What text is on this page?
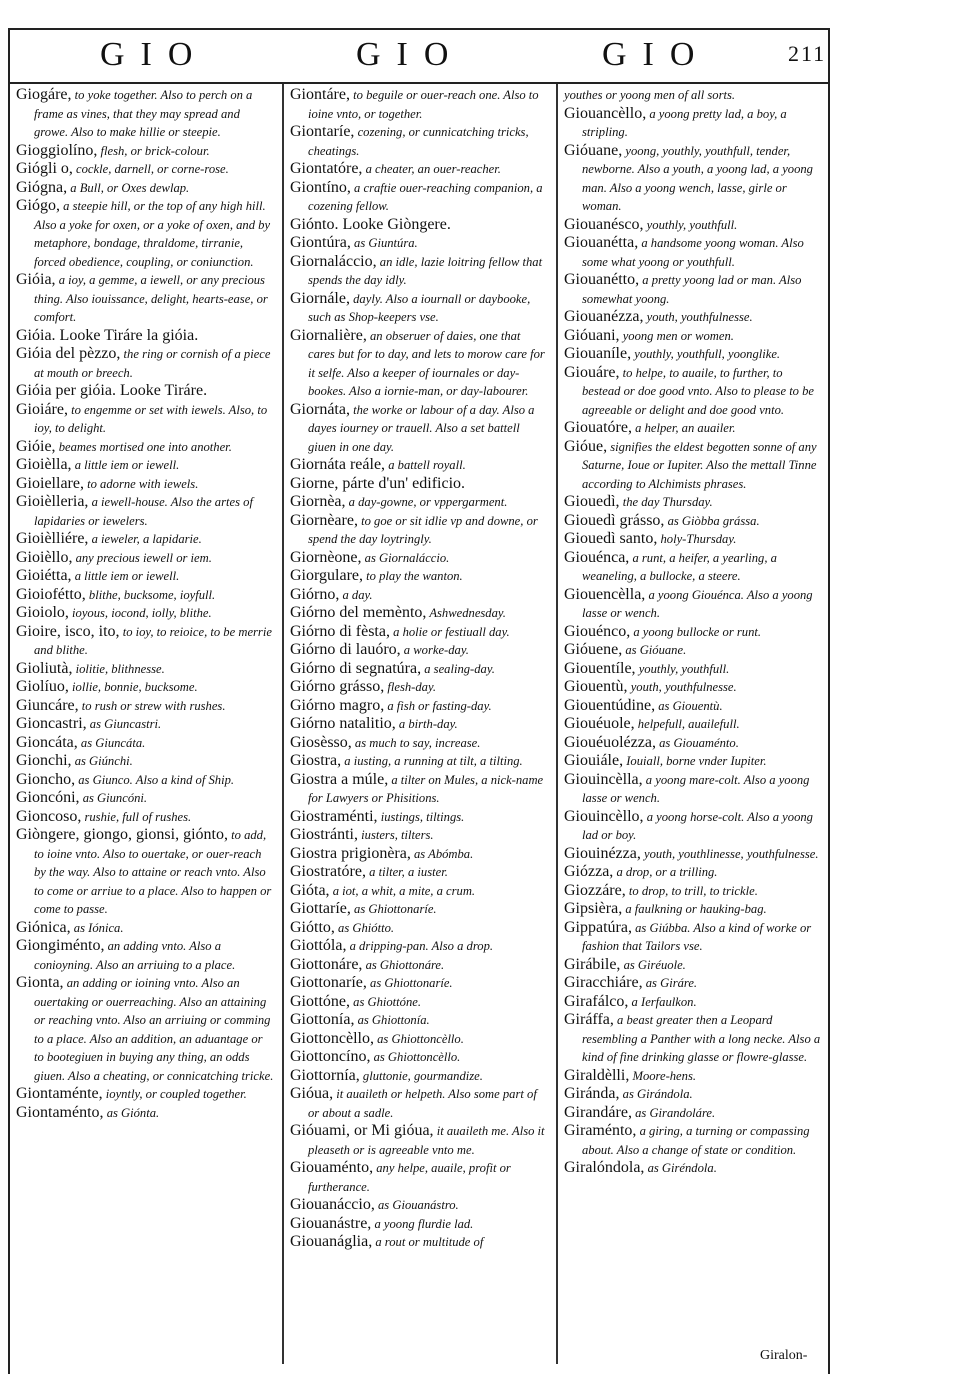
GIO	GIO	GIO	211

Giogáre, to yoke together. Also to perch on a frame as vines, that they may spread and growe. Also to make hillie or steepie.

Gioggiolíno, flesh, or brick-colour.

Giógli o, cockle, darnell, or corne-rose.

Giógna, a Bull, or Oxes dewlap.

Giógo, a steepie hill, or the top of any high hill. Also a yoke for oxen, or a yoke of oxen, and by metaphore, bondage, thraldome, tirranie, forced obedience, coupling, or coniunction.

Gióia, a ioy, a gemme, a iewell, or any precious thing. Also iouissance, delight, hearts-ease, or comfort.

Gióia. Looke Tiráre la gióia.

Gióia del pèzzo, the ring or cornish of a piece at mouth or breech.

Gióia per gióia. Looke Tiráre.

Gioiáre, to engemme or set with iewels. Also, to ioy, to delight.

Gióie, beames mortised one into another.

Gioièlla, a little iem or iewell.

Gioiellare, to adorne with iewels.

Gioièlleria, a iewell-house. Also the artes of lapidaries or iewelers.

Gioièlliére, a ieweler, a lapidarie.

Gioièllo, any precious iewell or iem.

Gioiétta, a little iem or iewell.

Gioiofétto, blithe, bucksome, ioyfull.

Gioiolo, ioyous, iocond, iolly, blithe.

Gioire, isco, ito, to ioy, to reioice, to be merrie and blithe.

Gioliutà, iolitie, blithnesse.

Giolíuo, iollie, bonnie, bucksome.

Giuncáre, to rush or strew with rushes.

Gioncastri, as Giuncastri.

Gioncáta, as Giuncáta.

Gionchi, as Giúnchi.

Gioncho, as Giunco. Also a kind of Ship.

Gioncóni, as Giuncóni.

Gioncoso, rushie, full of rushes.

Giòngere, giongo, gionsi, giónto, to add, to ioine vnto. Also to ouertake, or ouer-reach by the way. Also to attaine or reach vnto. Also to come or arriue to a place. Also to happen or come to passe.

Giónica, as Iónica.

Giongiménto, an adding vnto. Also a conioyning. Also an arriuing to a place.

Gionta, an adding or ioining vnto. Also an ouertaking or ouerreaching. Also an attaining or reaching vnto. Also an arriuing or comming to a place. Also an addition, an aduantage or to bootegiuen in buying any thing, an odds giuen. Also a cheating, or connicatching tricke.

Giontaménte, ioyntly, or coupled together.

Giontaménto, as Giónta.

Giontáre, to beguile or ouer-reach one. Also to ioine vnto, or together.

Giontaríe, cozening, or cunnicatching tricks, cheatings.

Giontatóre, a cheater, an ouer-reacher.

Giontíno, a craftie ouer-reaching companion, a cozening fellow.

Giónto. Looke Giòngere.

Giontúra, as Giuntúra.

Giornaláccio, an idle, lazie loitring fellow that spends the day idly.

Giornále, dayly. Also a iournall or daybooke, such as Shop-keepers vse.

Giornalière, an obseruer of daies, one that cares but for to day, and lets to morow care for it selfe. Also a keeper of iournales or day-bookes. Also a iornie-man, or day-labourer.

Giornáta, the worke or labour of a day. Also a dayes iourney or trauell. Also a set battell giuen in one day.

Giornáta reále, a battell royall.

Giorne, párte d'un' edificio.

Giornèa, a day-gowne, or vppergarment.

Giornèare, to goe or sit idlie vp and downe, or spend the day loytringly.

Giornèone, as Giornaláccio.

Giorgulare, to play the wanton.

Giórno, a day.

Giórno del memènto, Ashwednesday.

Giórno di fèsta, a holie or festiuall day.

Giórno di lauóro, a worke-day.

Giórno di segnatúra, a sealing-day.

Giórno grásso, flesh-day.

Giórno magro, a fish or fasting-day.

Giórno natalitio, a birth-day.

Giosèsso, as much to say, increase.

Giostra, a iusting, a running at tilt, a tilting.

Giostra a múle, a tilter on Mules, a nick-name for Lawyers or Phisitions.

Giostraménti, iustings, tiltings.

Giostránti, iusters, tilters.

Giostra prigionèra, as Abómba.

Giostratóre, a tilter, a iuster.

Gióta, a iot, a whit, a mite, a crum.

Giottaríe, as Ghiottonaríe.

Giótto, as Ghiótto.

Giottóla, a dripping-pan. Also a drop.

Giottonáre, as Ghiottonáre.

Giottonaríe, as Ghiottonaríe.

Giottóne, as Ghiottóne.

Giottonía, as Ghiottonía.

Giottoncèllo, as Ghiottoncèllo.

Giottoncíno, as Ghiottoncèllo.

Giottornía, gluttonie, gourmandize.

Gióua, it auaileth or helpeth. Also some part of or about a sadle.

Gióuami, or Mi gióua, it auaileth me. Also it pleaseth or is agreeable vnto me.

Giouaménto, any helpe, auaile, profit or furtherance.

Giouanáccio, as Giouanástro.

Giouanástre, a yoong flurdie lad.

Giouanáglia, a rout or multitude of

youthes or yoong men of all sorts.

Giouancèllo, a yoong pretty lad, a boy, a stripling.

Gióuane, yoong, youthly, youthfull, tender, newborne. Also a youth, a yoong lad, a yoong man. Also a yoong wench, lasse, girle or woman.

Giouanésco, youthly, youthfull.

Giouanétta, a handsome yoong woman. Also some what yoong or youthfull.

Giouanétto, a pretty yoong lad or man. Also somewhat yoong.

Giouanézza, youth, youthfulnesse.

Gióuani, yoong men or women.

Giouaníle, youthly, youthfull, yoonglike.

Giouáre, to helpe, to auaile, to further, to bestead or doe good vnto. Also to please to be agreeable or delight and doe good vnto.

Giouatóre, a helper, an auailer.

Gióue, signifies the eldest begotten sonne of any Saturne, Ioue or Iupiter. Also the mettall Tinne according to Alchimists phrases.

Giouedì, the day Thursday.

Giouedì grásso, as Giòbba grássa.

Giouedì santo, holy-Thursday.

Giouénca, a runt, a heifer, a yearling, a weaneling, a bullocke, a steere.

Giouencèlla, a yoong Giouénca. Also a yoong lasse or wench.

Giouénco, a yoong bullocke or runt.

Gióuene, as Gióuane.

Giouentíle, youthly, youthfull.

Giouentù, youth, youthfulnesse.

Giouentúdine, as Giouentù.

Giouéuole, helpefull, auailefull.

Giouéuolézza, as Giouaménto.

Giouiále, Iouiall, borne vnder Iupiter.

Giouincèlla, a yoong mare-colt. Also a yoong lasse or wench.

Giouincèllo, a yoong horse-colt. Also a yoong lad or boy.

Giouinézza, youth, youthlinesse, youthfulnesse.

Giózza, a drop, or a trilling.

Giozzáre, to drop, to trill, to trickle.

Gipsièra, a faulkning or hauking-bag.

Gippatúra, as Giúbba. Also a kind of worke or fashion that Tailors vse.

Girábile, as Giréuole.

Giracchiáre, as Giráre.

Girafálco, a Ierfaulkon.

Giráffa, a beast greater then a Leopard resembling a Panther with a long necke. Also a kind of fine drinking glasse or flowre-glasse.

Giraldèlli, Moore-hens.

Giránda, as Girándola.

Girandáre, as Girandoláre.

Giraménto, a giring, a turning or compassing about. Also a change of state or condition.

Giralóndola, as Giréndola.

Giralon-
